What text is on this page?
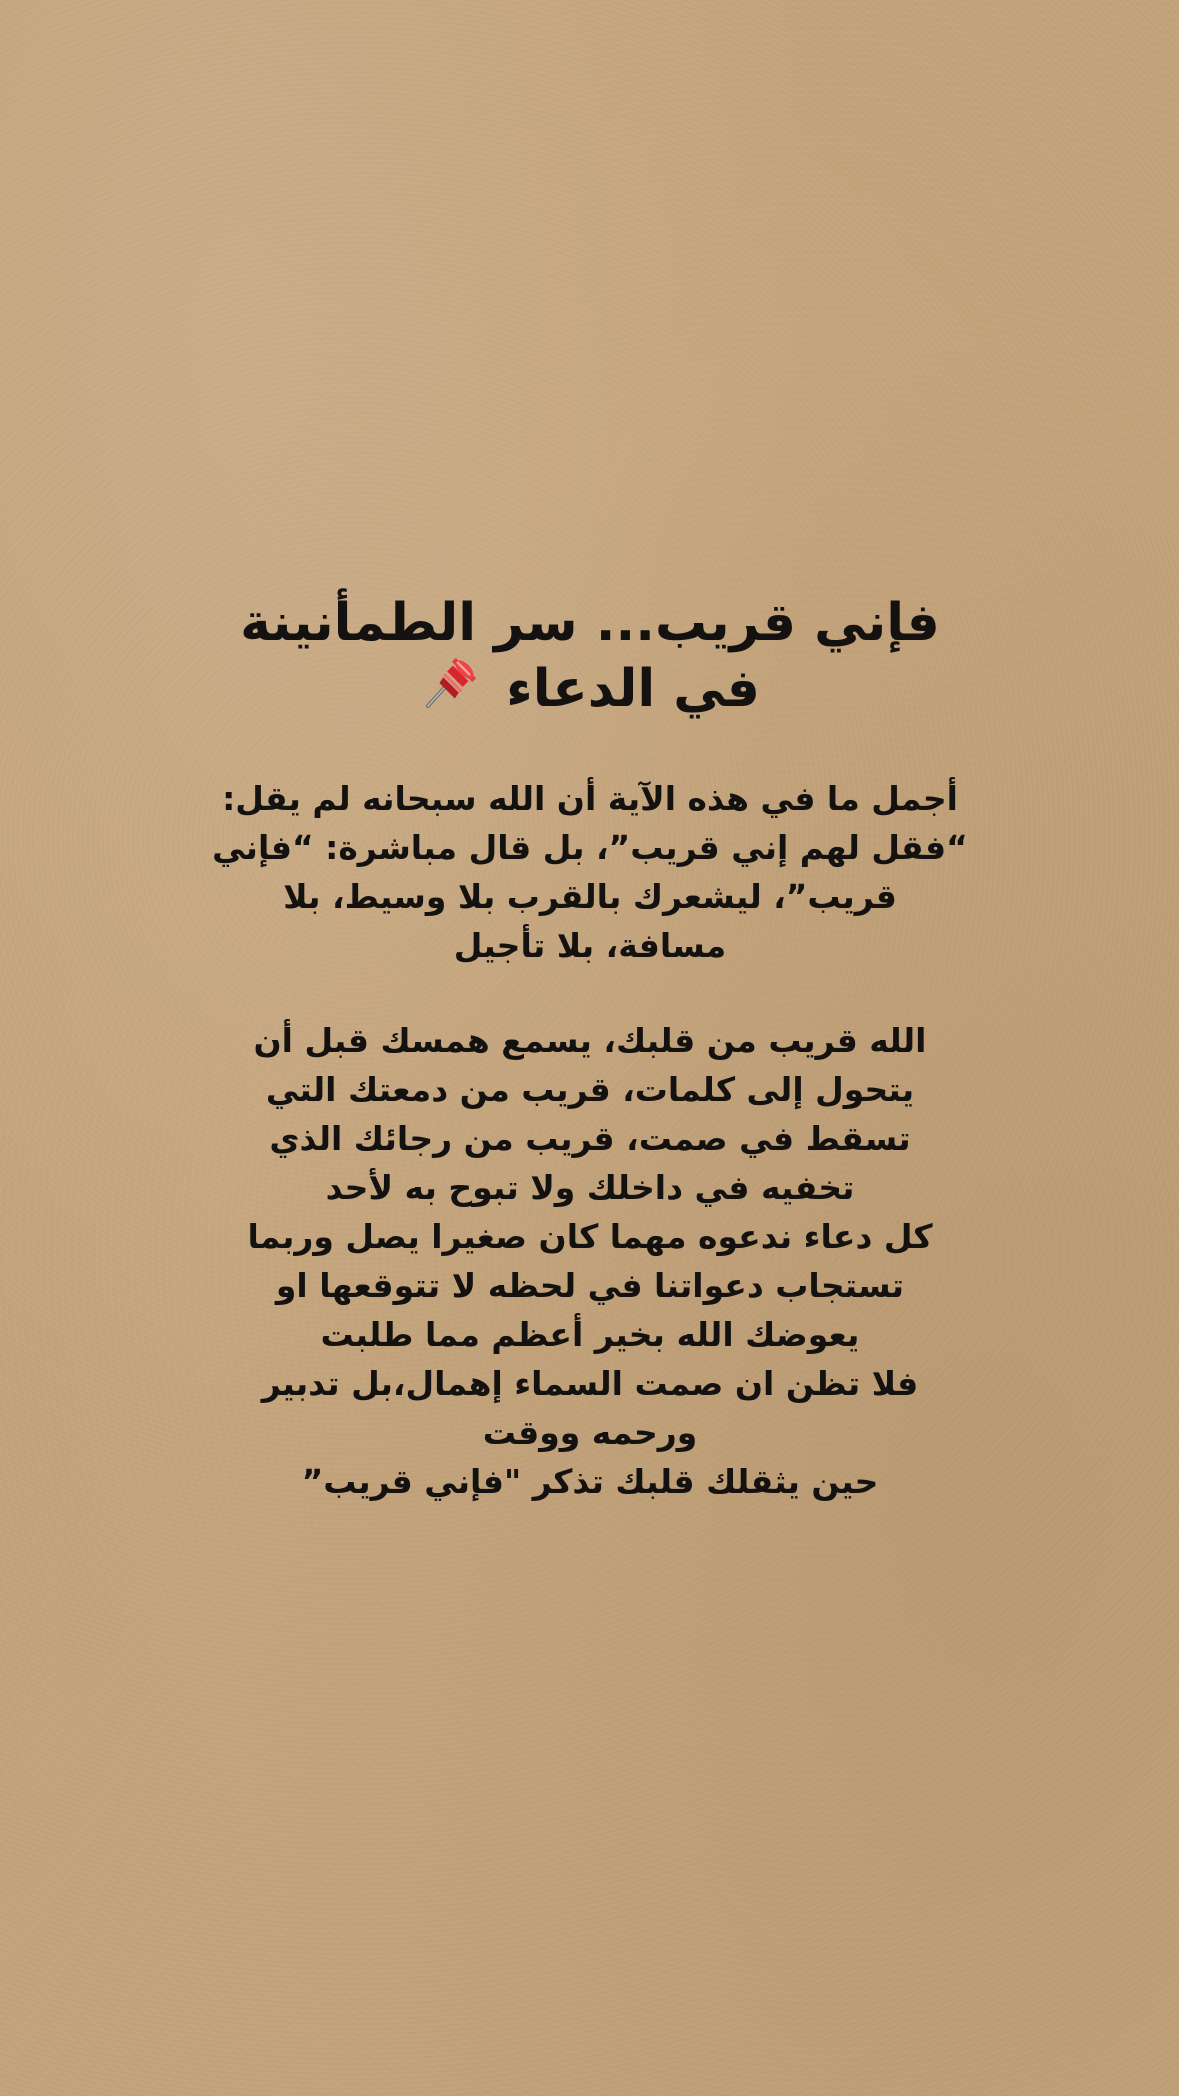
فإني قريب... سر الطمأنينة في الدعاء

أجمل ما في هذه الآية أن الله سبحانه لم يقل:
“فقل لهم إني قريب”، بل قال مباشرة: “فإني
قريب”، ليشعرك بالقرب بلا وسيط، بلا
مسافة، بلا تأجيل

الله قريب من قلبك، يسمع همسك قبل أن
يتحول إلى كلمات، قريب من دمعتك التي
تسقط في صمت، قريب من رجائك الذي
تخفيه في داخلك ولا تبوح به لأحد
كل دعاء ندعوه مهما كان صغيرا يصل وربما
تستجاب دعواتنا في لحظه لا تتوقعها او
يعوضك الله بخير أعظم مما طلبت
فلا تظن ان صمت السماء إهمال،بل تدبير
ورحمه ووقت
حين يثقلك قلبك تذكر "فإني قريب”
